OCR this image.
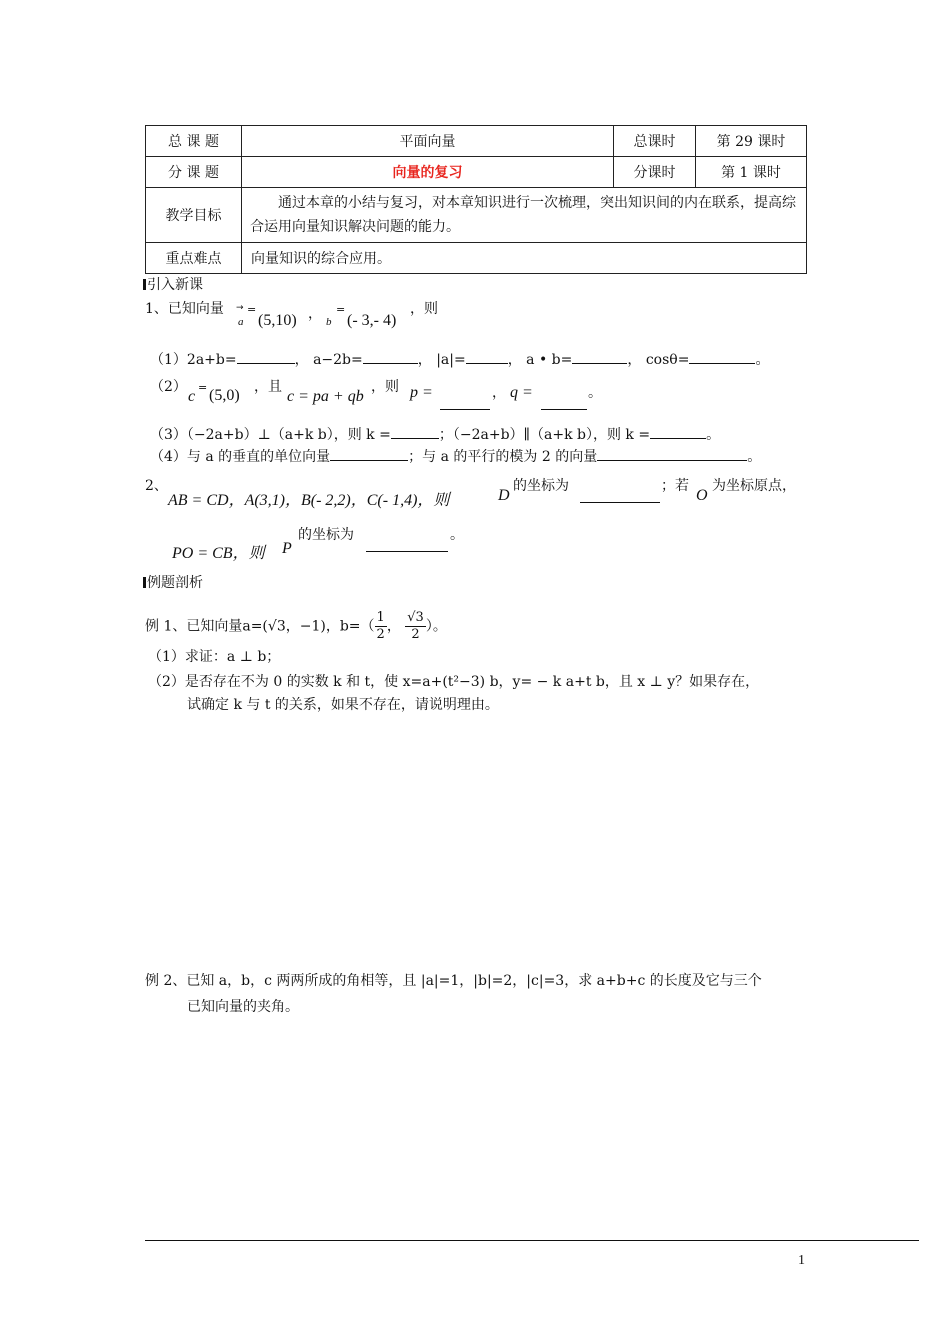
总 课 题	平面向量	总课时	第 29 课时
分 课 题	向量的复习	分课时	第 1 课时
教学目标	通过本章的小结与复习，对本章知识进行一次梳理，突出知识间的内在联系，提高综合运用向量知识解决问题的能力。		
重点难点	向量知识的综合应用。		
引入新课
1、已知向量 →
a
=
(5,10) ， b
=
(- 3,- 4)
，则
（1）2a+b=	， a−2b=	， |a|=	， a • b=	， cosθ=	。
（2）
c
= (5,0) ，且
c = pa + qb
，则 p =	， q =	。
（3）（−2a+b）⊥（a+k b），则 k =	；（−2a+b）∥（a+k b），则 k =	。
（4）与 a 的垂直的单位向量	；与 a 的平行的模为 2 的向量	。
2、
AB = CD，A(3,1)，B(- 2,2)，C(- 1,4)，则	D
的坐标为	；若
O
为坐标原点，
PO = CB，则 P
的坐标为	。
例题剖析
例 1、已知向量a=(√3，−1)，$b=( \frac{1}{2}$ ， $\frac{√3}{2}$ ）。
（1）求证：a ⊥ b；
（2）是否存在不为 0 的实数 k 和 t，使 x=a+(t²−3) b，y= − k a+t b，且 x ⊥ y？如果存在，
试确定 k 与 t 的关系，如果不存在，请说明理由。
例 2、已知 a，b，c 两两所成的角相等，且 |a|=1，|b|=2，|c|=3，求 a+b+c 的长度及它与三个
已知向量的夹角。
1
